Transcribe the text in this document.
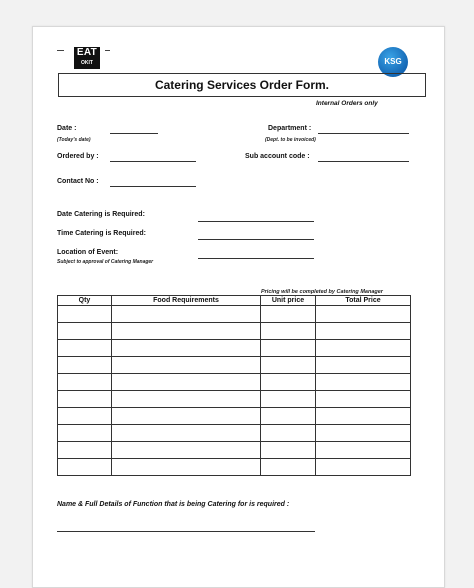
EAT
OKIT	KSG
Catering Services Order Form.
Internal Orders only
Date :
(Today's date)
Department :
(Dept. to be invoiced)
Ordered by :	Sub account code :
Contact No :
Date Catering is Required:
Time Catering is Required:
Location of Event:
Subject to approval of Catering Manager
Pricing will be completed by Catering Manager
Qty	Food Requirements	Unit price	Total Price

Name & Full Details of Function that is being Catering for is required :
